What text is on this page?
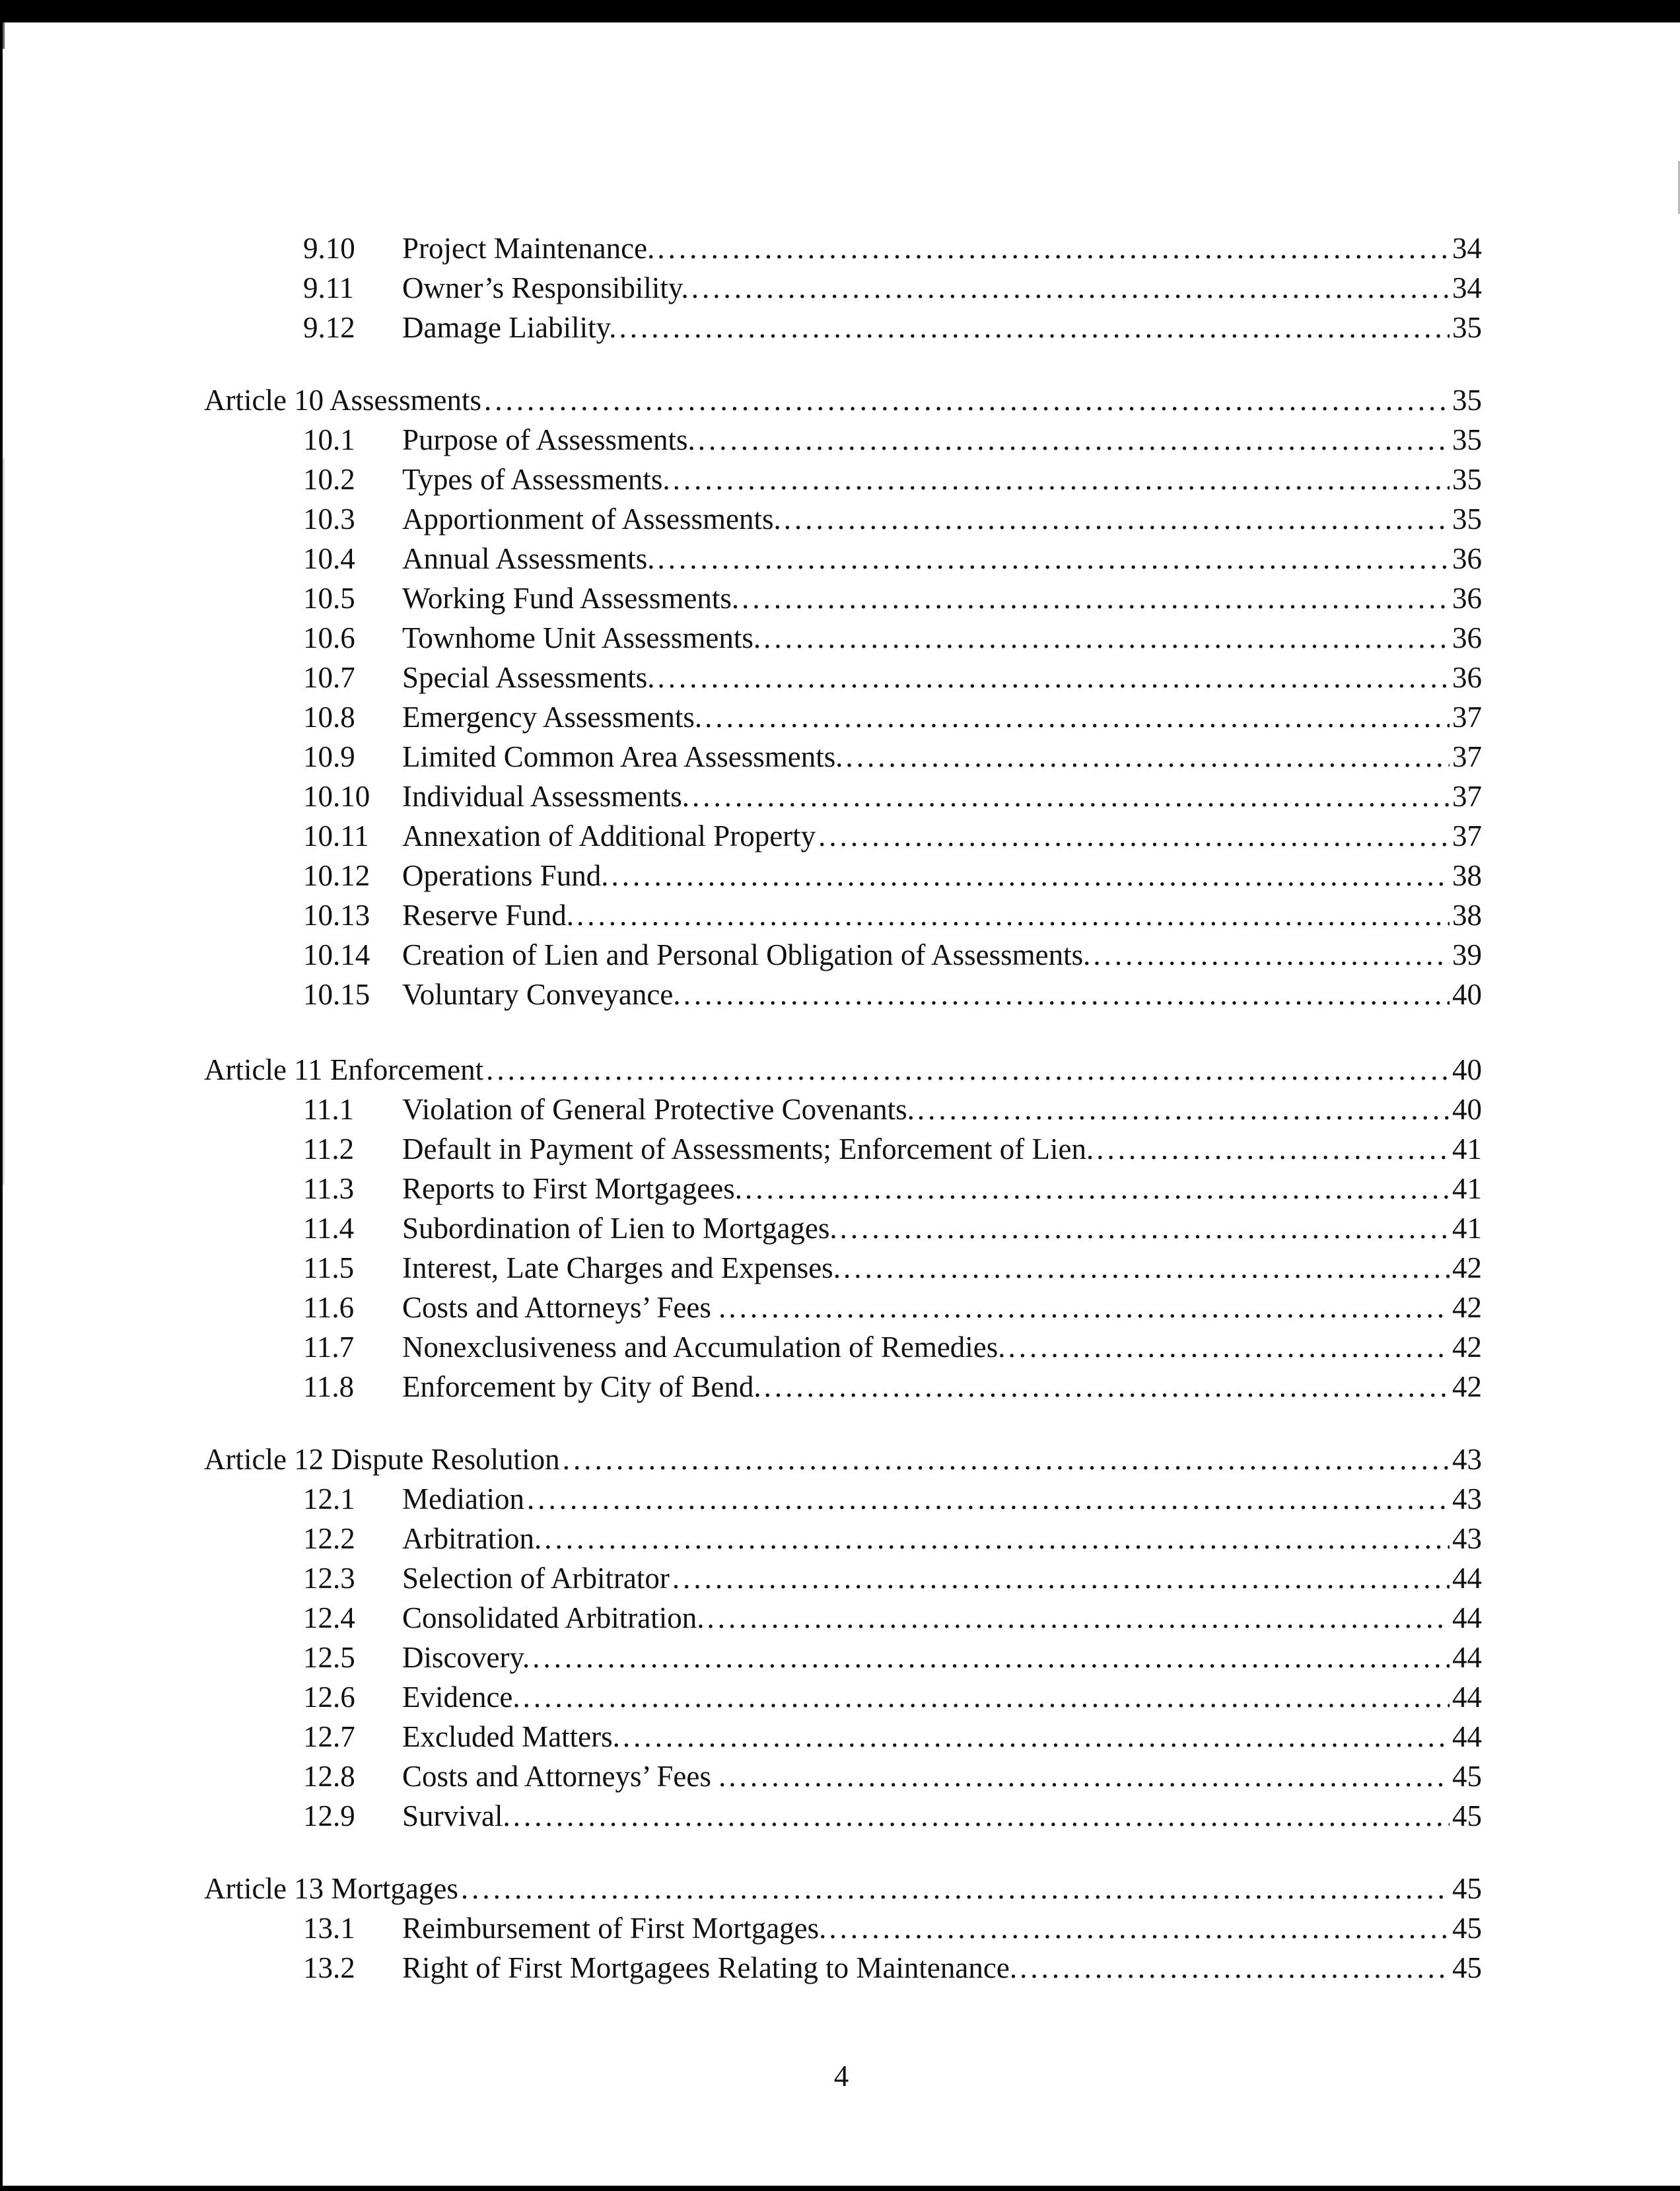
9.10	Project Maintenance. .....	34
9.11	Owner’s Responsibility. .....	34
9.12	Damage Liability. .....	35
Article 10 Assessments .....	35
10.1	Purpose of Assessments. .....	35
10.2	Types of Assessments. .....	35
10.3	Apportionment of Assessments. .....	35
10.4	Annual Assessments. .....	36
10.5	Working Fund Assessments. .....	36
10.6	Townhome Unit Assessments. .....	36
10.7	Special Assessments. .....	36
10.8	Emergency Assessments. .....	37
10.9	Limited Common Area Assessments. .....	37
10.10	Individual Assessments. .....	37
10.11	Annexation of Additional Property .....	37
10.12	Operations Fund. .....	38
10.13	Reserve Fund. .....	38
10.14	Creation of Lien and Personal Obligation of Assessments. .....	39
10.15	Voluntary Conveyance. .....	40
Article 11 Enforcement .....	40
11.1	Violation of General Protective Covenants. .....	40
11.2	Default in Payment of Assessments; Enforcement of Lien. .....	41
11.3	Reports to First Mortgagees. .....	41
11.4	Subordination of Lien to Mortgages. .....	41
11.5	Interest, Late Charges and Expenses. .....	42
11.6	Costs and Attorneys’ Fees . .....	42
11.7	Nonexclusiveness and Accumulation of Remedies. .....	42
11.8	Enforcement by City of Bend. .....	42
Article 12 Dispute Resolution .....	43
12.1	Mediation .....	43
12.2	Arbitration. .....	43
12.3	Selection of Arbitrator .....	44
12.4	Consolidated Arbitration. .....	44
12.5	Discovery. .....	44
12.6	Evidence. .....	44
12.7	Excluded Matters. .....	44
12.8	Costs and Attorneys’ Fees . .....	45
12.9	Survival. .....	45
Article 13 Mortgages .....	45
13.1	Reimbursement of First Mortgages. .....	45
13.2	Right of First Mortgagees Relating to Maintenance. .....	45
4
